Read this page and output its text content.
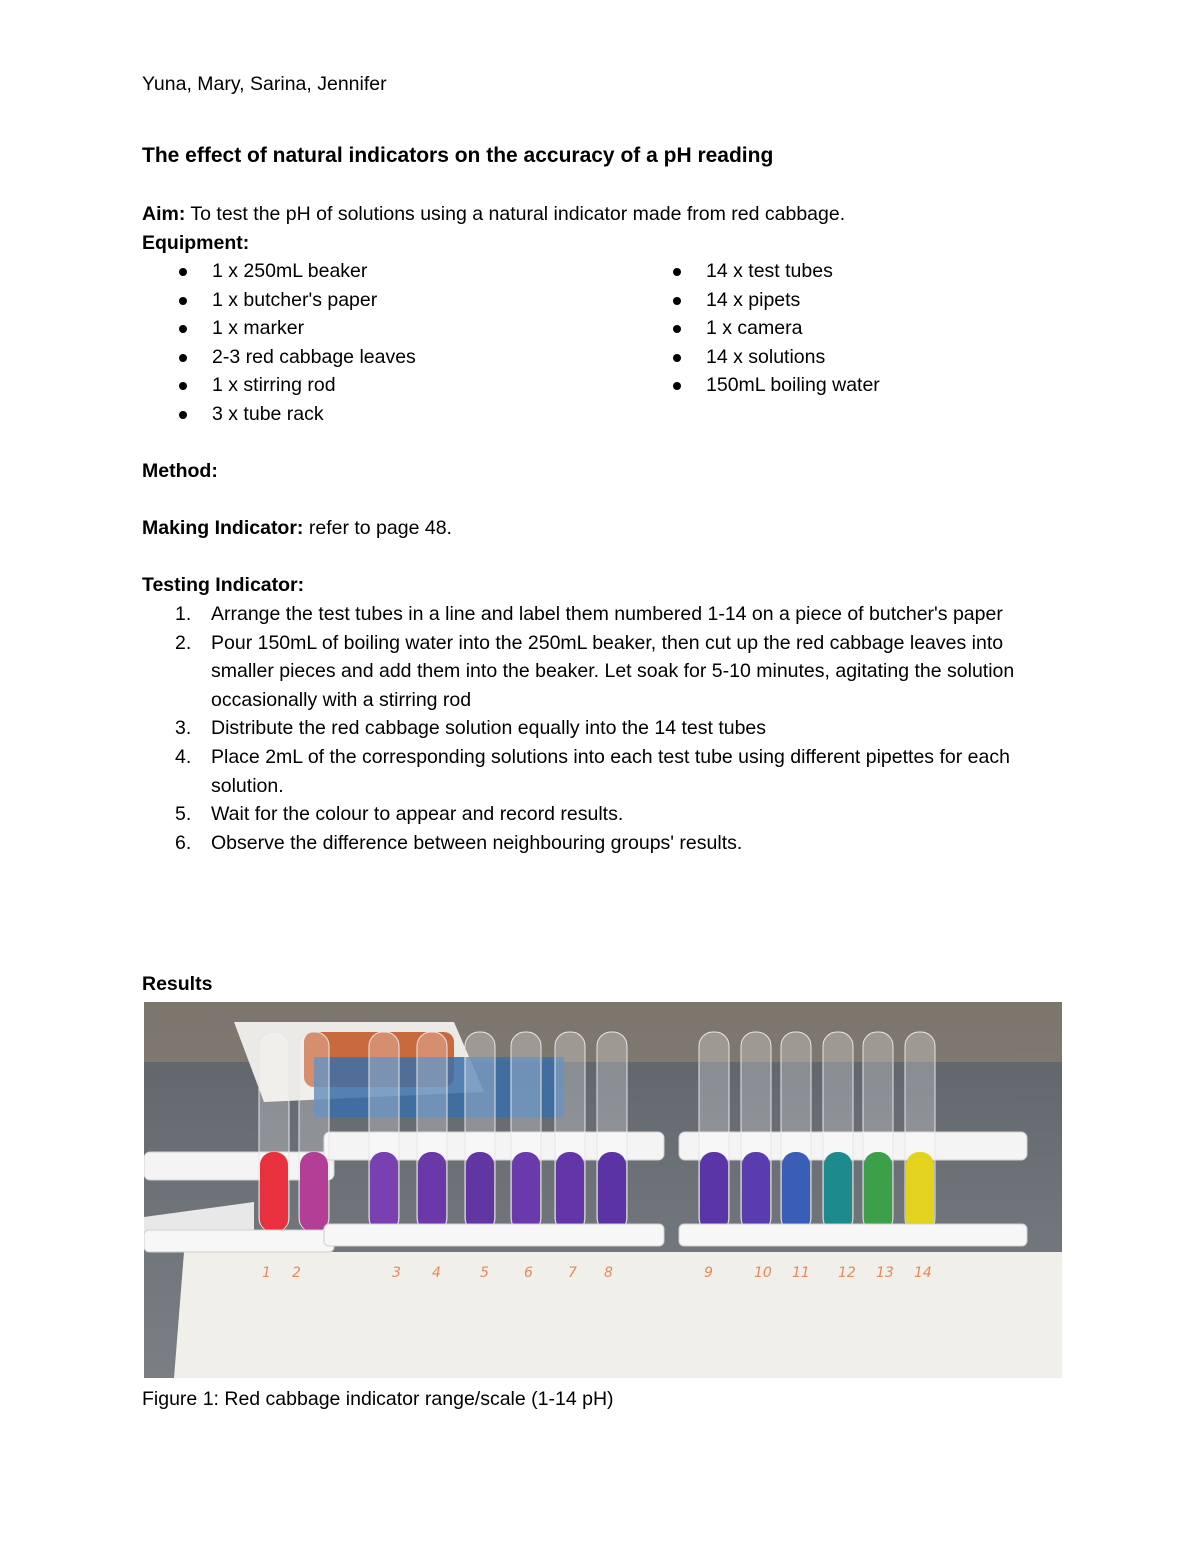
Yuna, Mary, Sarina, Jennifer
The effect of natural indicators on the accuracy of a pH reading
Aim: To test the pH of solutions using a natural indicator made from red cabbage.
Equipment:
1 x 250mL beaker
1 x butcher's paper
1 x marker
2-3 red cabbage leaves
1 x stirring rod
3 x tube rack
14 x test tubes
14 x pipets
1 x camera
14 x solutions
150mL boiling water
Method:
Making Indicator: refer to page 48.
Testing Indicator:
1. Arrange the test tubes in a line and label them numbered 1-14 on a piece of butcher's paper
2. Pour 150mL of boiling water into the 250mL beaker, then cut up the red cabbage leaves into smaller pieces and add them into the beaker. Let soak for 5-10 minutes, agitating the solution occasionally with a stirring rod
3. Distribute the red cabbage solution equally into the 14 test tubes
4. Place 2mL of the corresponding solutions into each test tube using different pipettes for each solution.
5. Wait for the colour to appear and record results.
6. Observe the difference between neighbouring groups' results.
Results
1 2	3 4	5	6	7 8	9	10 11 12 13 14
Figure 1: Red cabbage indicator range/scale (1-14 pH)
